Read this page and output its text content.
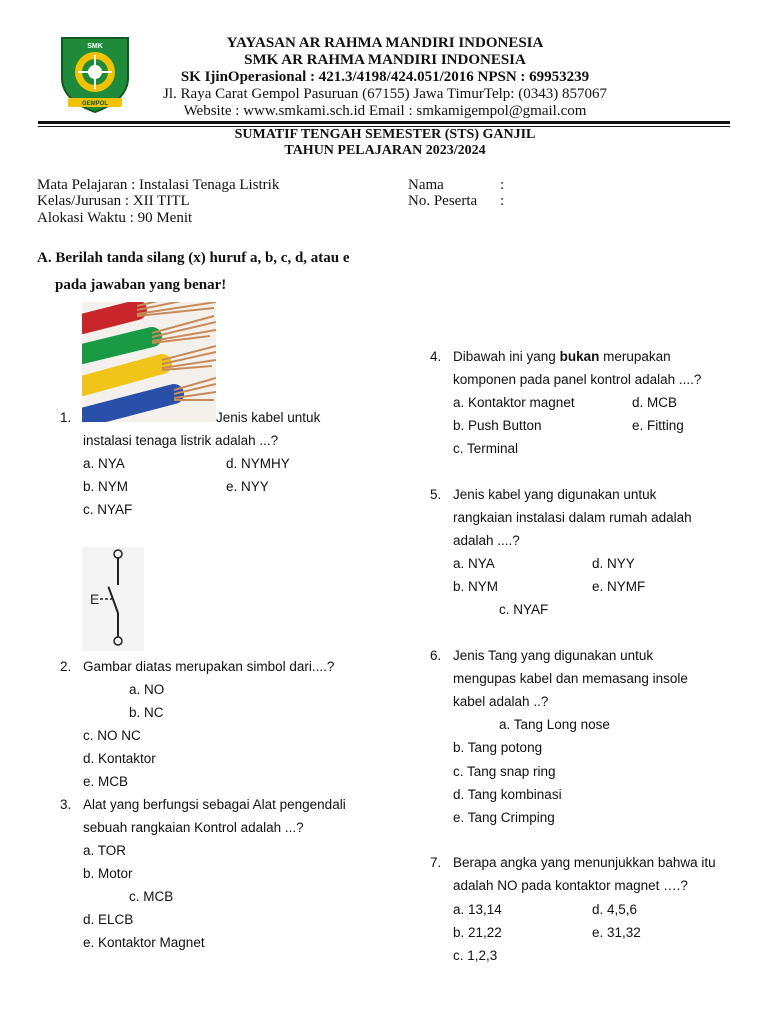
SMK
GEMPOL
YAYASAN AR RAHMA MANDIRI INDONESIA
SMK AR RAHMA MANDIRI INDONESIA
SK IjinOperasional : 421.3/4198/424.051/2016 NPSN : 69953239
Jl. Raya Carat Gempol Pasuruan (67155) Jawa TimurTelp: (0343) 857067
Website : www.smkami.sch.id Email : smkamigempol@gmail.com
SUMATIF TENGAH SEMESTER (STS) GANJIL
TAHUN PELAJARAN 2023/2024
Mata Pelajaran : Instalasi Tenaga Listrik
Kelas/Jurusan : XII TITL
Alokasi Waktu : 90 Menit
Nama	:
No. Peserta :
A. Berilah tanda silang (x) huruf a, b, c, d, atau e
pada jawaban yang benar!
1.	Jenis kabel untuk
instalasi tenaga listrik adalah ...?
a. NYA
b. NYM
c. NYAF
d. NYMHY
e. NYY
E
2. Gambar diatas merupakan simbol dari....?
a. NO
b. NC
c. NO NC
d. Kontaktor
e. MCB
3. Alat yang berfungsi sebagai Alat pengendali
sebuah rangkaian Kontrol adalah ...?
a. TOR
b. Motor
c. MCB
d. ELCB
e. Kontaktor Magnet
4. Dibawah ini yang bukan merupakan
komponen pada panel kontrol adalah ....?
a. Kontaktor magnet
b. Push Button
c. Terminal
d. MCB
e. Fitting
5. Jenis kabel yang digunakan untuk
rangkaian instalasi dalam rumah adalah
adalah ....?
a. NYA
b. NYM
c. NYAF
d. NYY
e. NYMF
6. Jenis Tang yang digunakan untuk
mengupas kabel dan memasang insole
kabel adalah ..?
a. Tang Long nose
b. Tang potong
c. Tang snap ring
d. Tang kombinasi
e. Tang Crimping
7. Berapa angka yang menunjukkan bahwa itu
adalah NO pada kontaktor magnet ….?
a. 13,14
b. 21,22
c. 1,2,3
d. 4,5,6
e. 31,32
